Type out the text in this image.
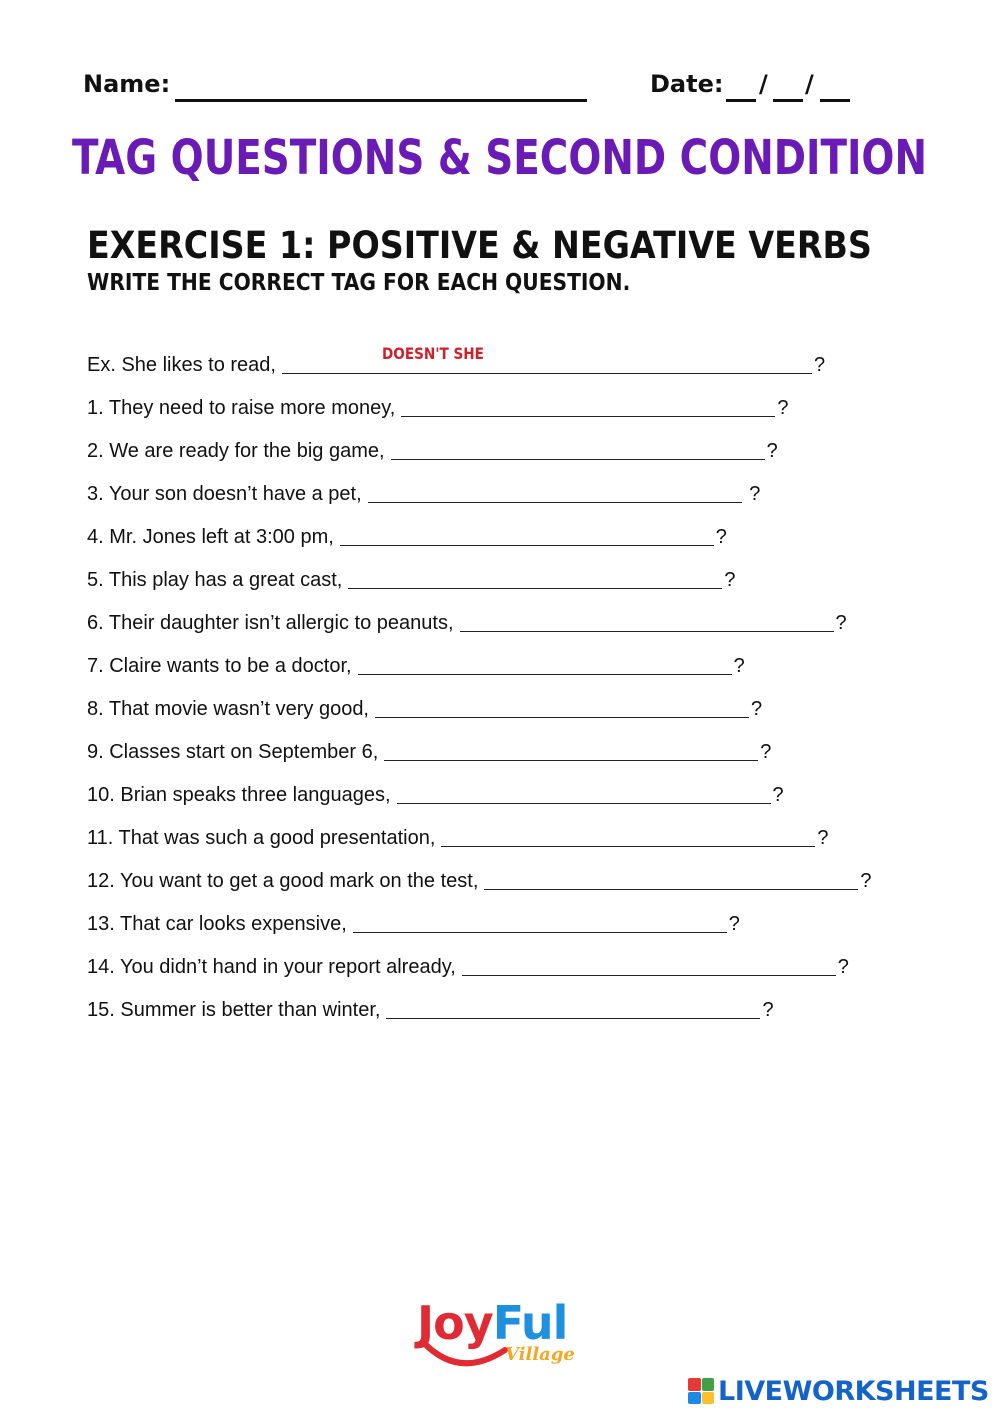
Name:	Date: / /
TAG QUESTIONS & SECOND CONDITION
EXERCISE 1: POSITIVE & NEGATIVE VERBS
WRITE THE CORRECT TAG FOR EACH QUESTION.
Ex. She likes to read,
DOESN'T SHE
?
1. They need to raise more money,	?
2. We are ready for the big game,	?
3. Your son doesn’t have a pet,	?
4. Mr. Jones left at 3:00 pm,	?
5. This play has a great cast,	?
6. Their daughter isn’t allergic to peanuts,	?
7. Claire wants to be a doctor,	?
8. That movie wasn’t very good,	?
9. Classes start on September 6,	?
10. Brian speaks three languages,	?
11. That was such a good presentation,	?
12. You want to get a good mark on the test,	?
13. That car looks expensive,	?
14. You didn’t hand in your report already,	?
15. Summer is better than winter,	?
JoyFul
Village
LIVEWORKSHEETS
